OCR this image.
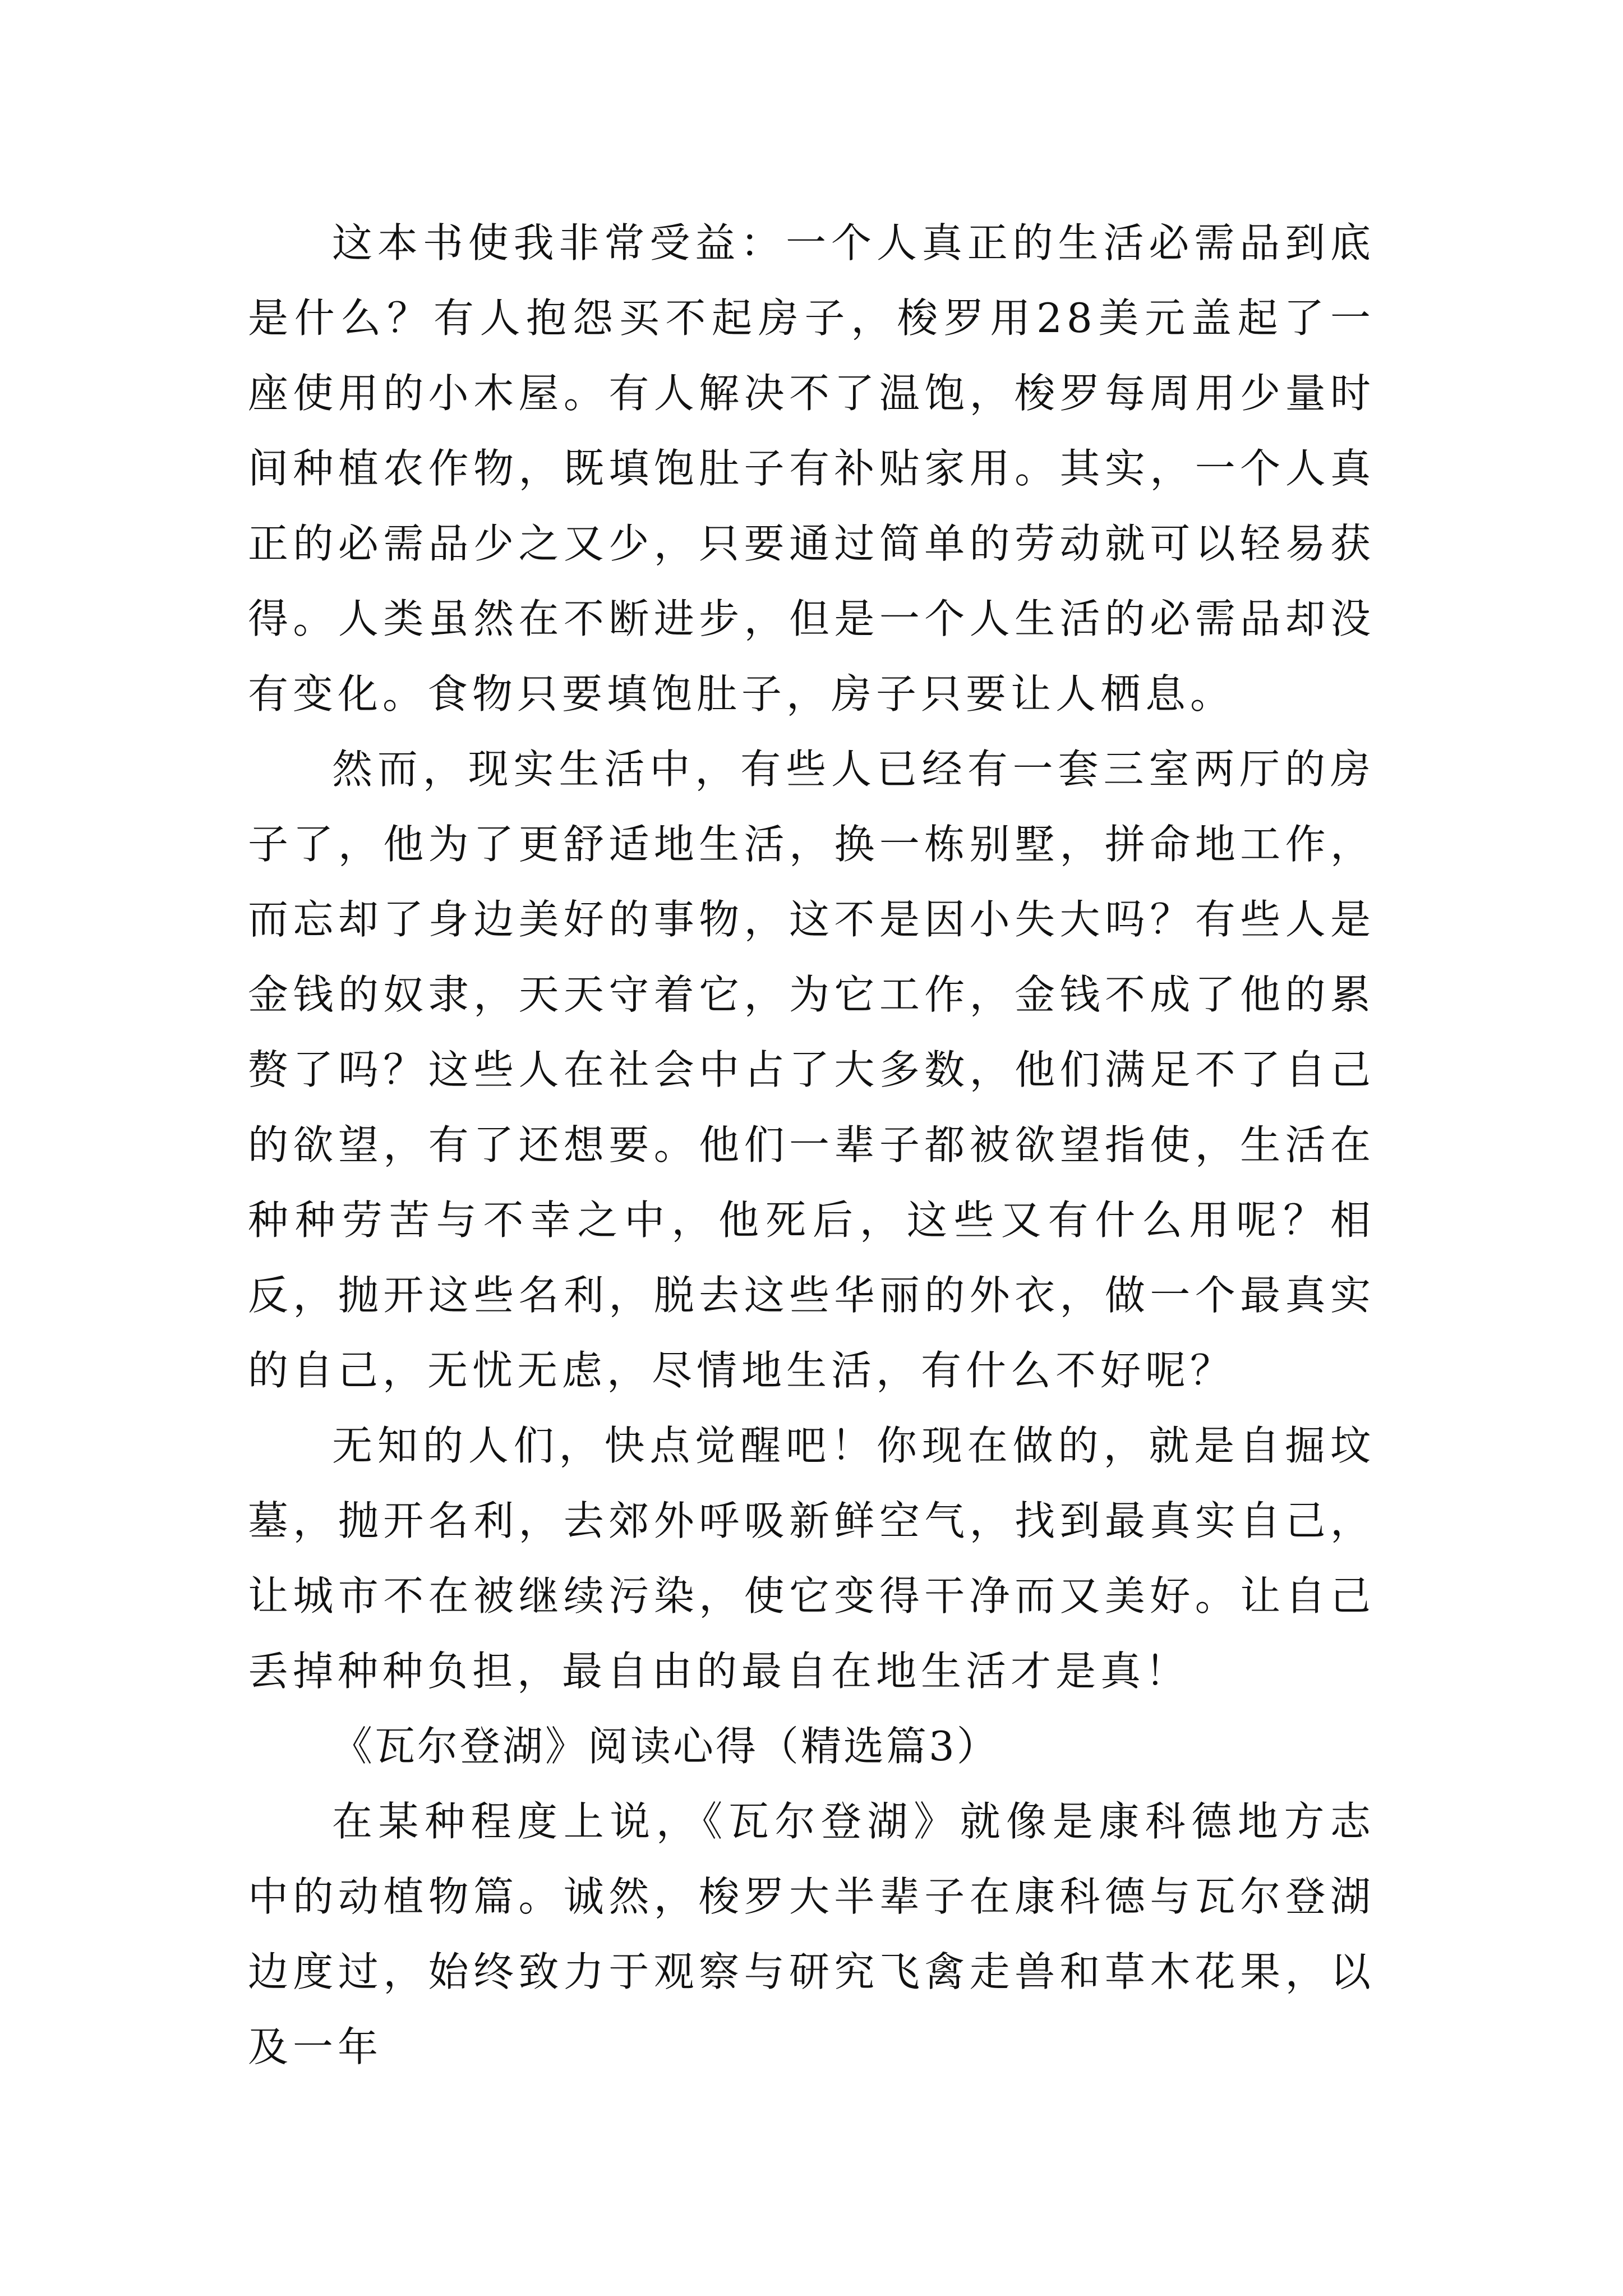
这本书使我非常受益：一个人真正的生活必需品到底是什么？有人抱怨买不起房子，梭罗用28美元盖起了一座使用的小木屋。有人解决不了温饱，梭罗每周用少量时间种植农作物，既填饱肚子有补贴家用。其实，一个人真正的必需品少之又少，只要通过简单的劳动就可以轻易获得。人类虽然在不断进步，但是一个人生活的必需品却没有变化。食物只要填饱肚子，房子只要让人栖息。

然而，现实生活中，有些人已经有一套三室两厅的房子了，他为了更舒适地生活，换一栋别墅，拼命地工作，而忘却了身边美好的事物，这不是因小失大吗？有些人是金钱的奴隶，天天守着它，为它工作，金钱不成了他的累赘了吗？这些人在社会中占了大多数，他们满足不了自己的欲望，有了还想要。他们一辈子都被欲望指使，生活在种种劳苦与不幸之中，他死后，这些又有什么用呢？相反，抛开这些名利，脱去这些华丽的外衣，做一个最真实的自己，无忧无虑，尽情地生活，有什么不好呢？

无知的人们，快点觉醒吧！你现在做的，就是自掘坟墓，抛开名利，去郊外呼吸新鲜空气，找到最真实自己，让城市不在被继续污染，使它变得干净而又美好。让自己丢掉种种负担，最自由的最自在地生活才是真！

《瓦尔登湖》阅读心得（精选篇3）

在某种程度上说，《瓦尔登湖》就像是康科德地方志中的动植物篇。诚然，梭罗大半辈子在康科德与瓦尔登湖边度过，始终致力于观察与研究飞禽走兽和草木花果，以及一年
